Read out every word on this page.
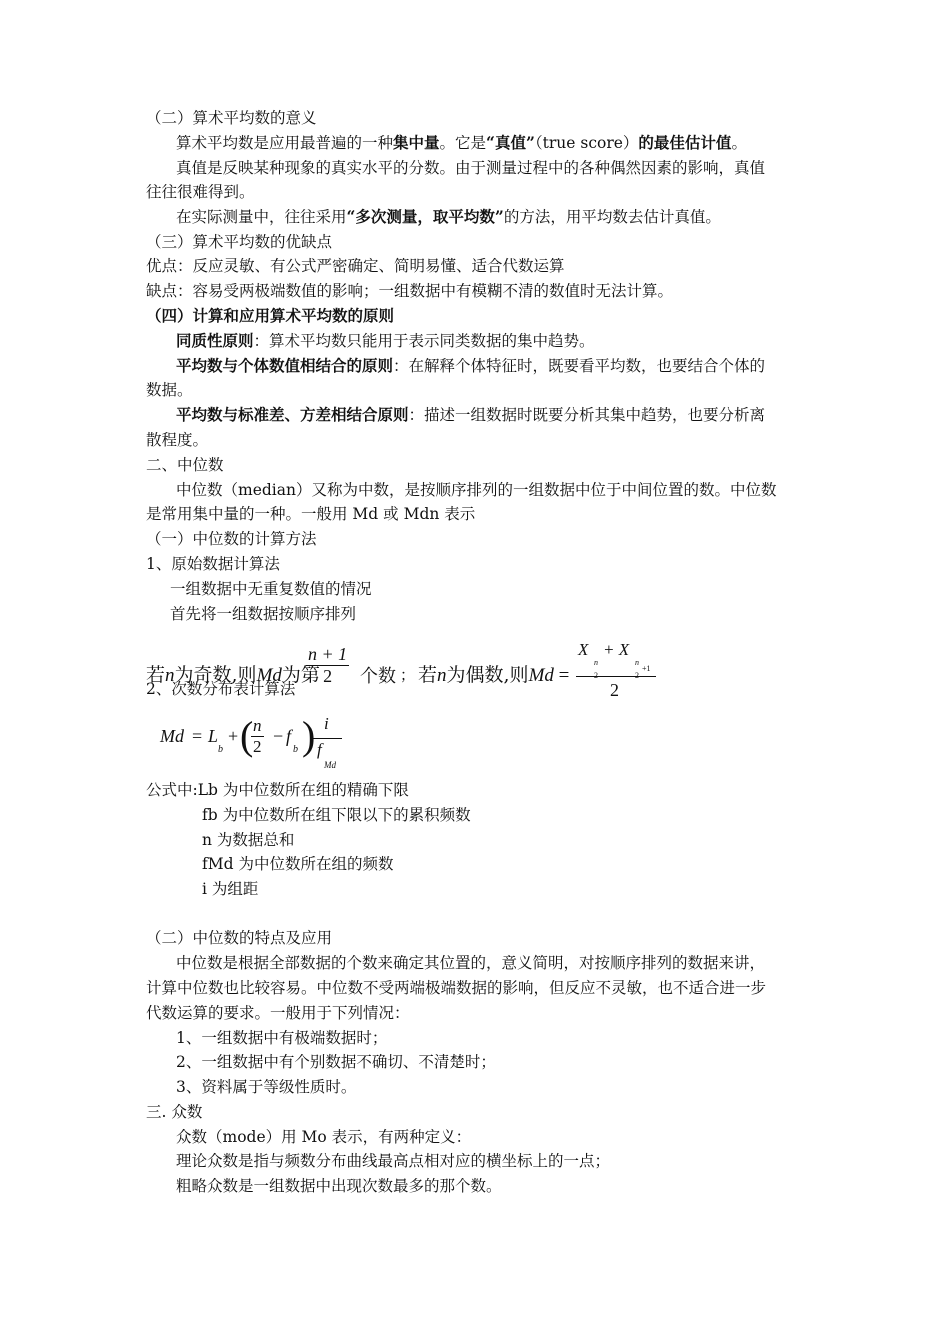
（二）算术平均数的意义
算术平均数是应用最普遍的一种集中量。它是“真值”（true score）的最佳估计值。
真值是反映某种现象的真实水平的分数。由于测量过程中的各种偶然因素的影响，真值
往往很难得到。
在实际测量中，往往采用“多次测量，取平均数”的方法，用平均数去估计真值。
（三）算术平均数的优缺点
优点：反应灵敏、有公式严密确定、简明易懂、适合代数运算
缺点：容易受两极端数值的影响；一组数据中有模糊不清的数值时无法计算。
（四）计算和应用算术平均数的原则
同质性原则：算术平均数只能用于表示同类数据的集中趋势。
平均数与个体数值相结合的原则：在解释个体特征时，既要看平均数，也要结合个体的
数据。
平均数与标准差、方差相结合原则：描述一组数据时既要分析其集中趋势，也要分析离
散程度。
二、中位数
中位数（median）又称为中数，是按顺序排列的一组数据中位于中间位置的数。中位数
是常用集中量的一种。一般用 Md 或 Mdn 表示
（一）中位数的计算方法
1、原始数据计算法
一组数据中无重复数值的情况
首先将一组数据按顺序排列
2、次数分布表计算法
公式中:Lb 为中位数所在组的精确下限
fb 为中位数所在组下限以下的累积频数
n 为数据总和
fMd 为中位数所在组的频数
i 为组距
（二）中位数的特点及应用
中位数是根据全部数据的个数来确定其位置的，意义简明，对按顺序排列的数据来讲，
计算中位数也比较容易。中位数不受两端极端数据的影响，但反应不灵敏，也不适合进一步
代数运算的要求。一般用于下列情况：
1、一组数据中有极端数据时；
2、一组数据中有个别数据不确切、不清楚时；
3、资料属于等级性质时。
三. 众数
众数（mode）用 Mo 表示，有两种定义：
理论众数是指与频数分布曲线最高点相对应的横坐标上的一点；
粗略众数是一组数据中出现次数最多的那个数。
若n为奇数,则Md为第
$\frac{n + 1}{2}$ 个数 ； 若n为偶数,则Md =
X + X
n
2
n
2
+1
2
Md = L
b
+ (
$\frac{n}{2} - f$
b ) i
f
Md
